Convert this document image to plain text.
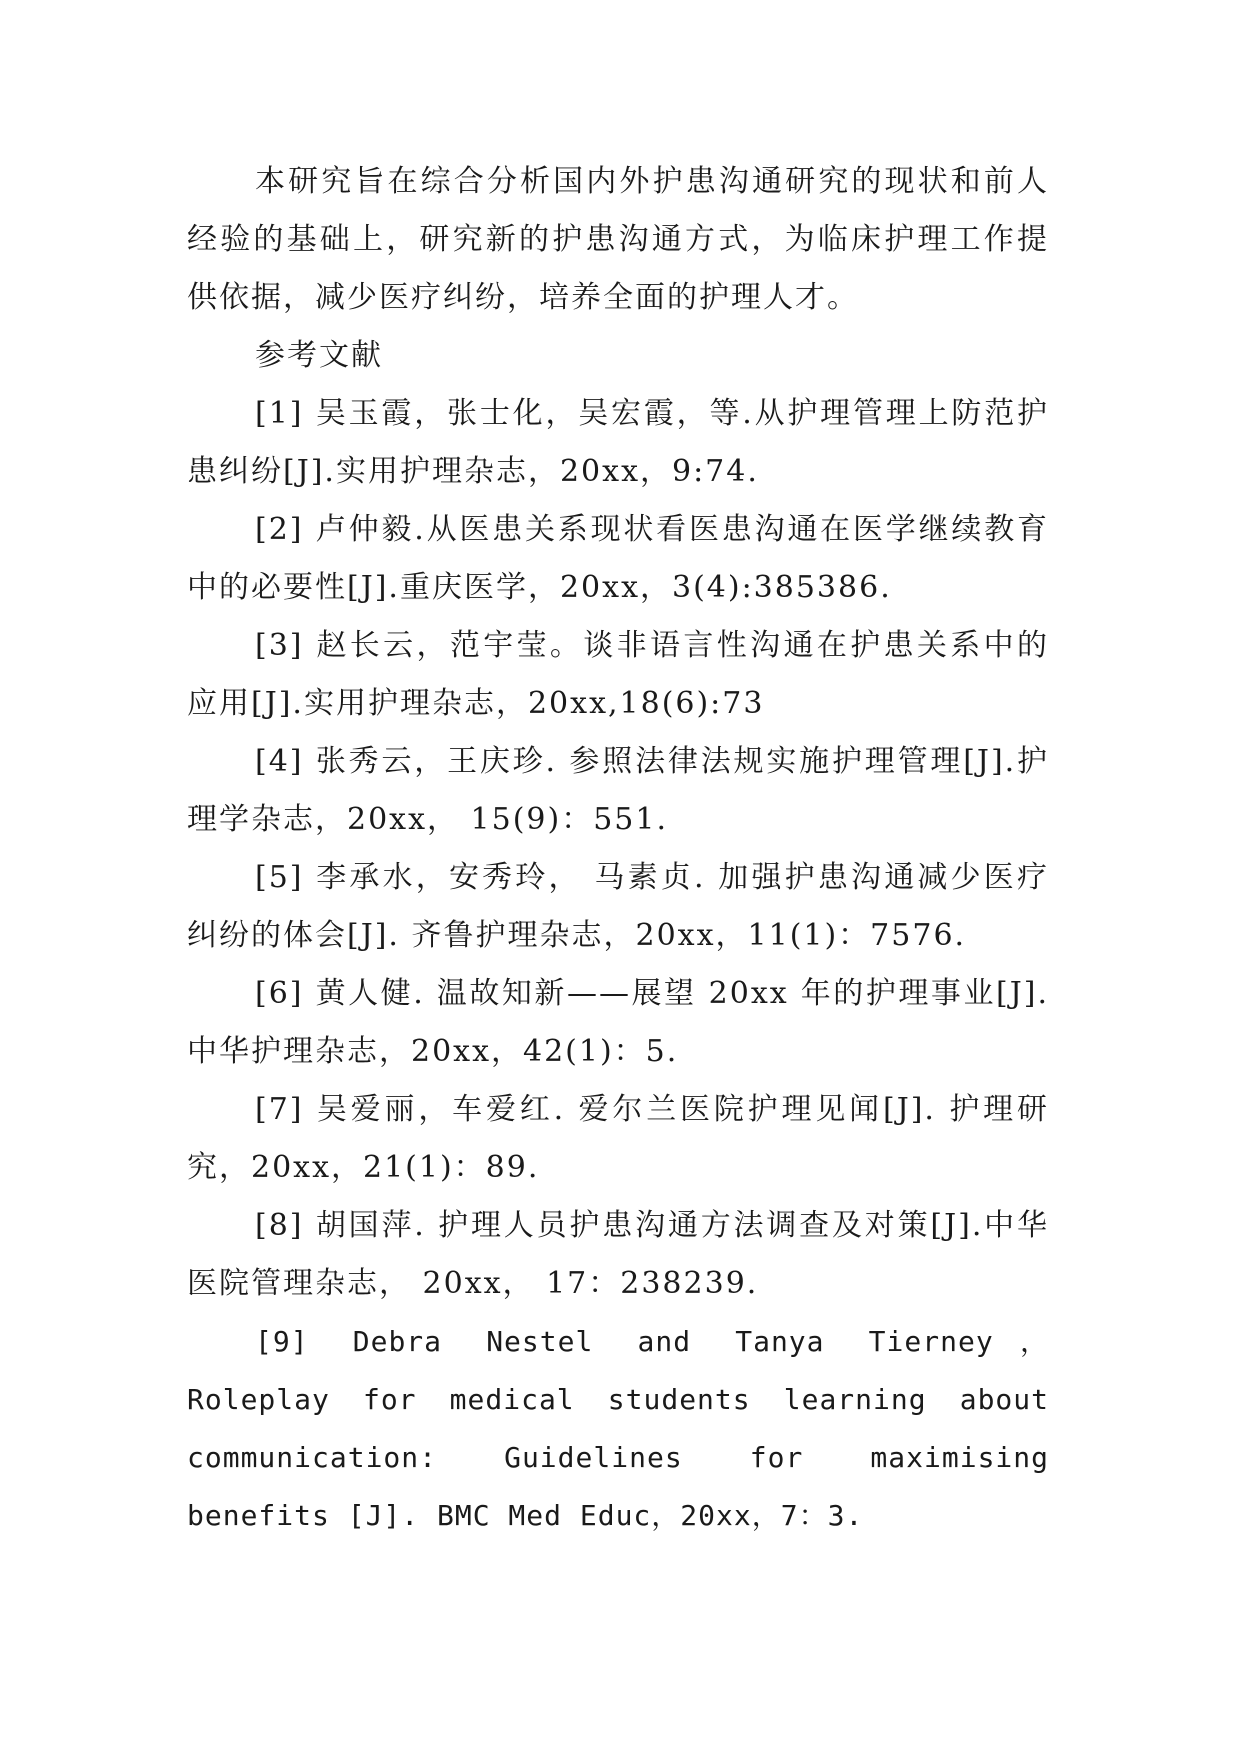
本研究旨在综合分析国内外护患沟通研究的现状和前人经验的基础上，研究新的护患沟通方式，为临床护理工作提供依据，减少医疗纠纷，培养全面的护理人才。

参考文献

[1] 吴玉霞，张士化，吴宏霞，等.从护理管理上防范护患纠纷[J].实用护理杂志，20xx，9:74.

[2] 卢仲毅.从医患关系现状看医患沟通在医学继续教育中的必要性[J].重庆医学，20xx，3(4):385386.

[3] 赵长云，范宇莹。谈非语言性沟通在护患关系中的应用[J].实用护理杂志，20xx,18(6):73

[4] 张秀云，王庆珍. 参照法律法规实施护理管理[J].护理学杂志，20xx， 15(9)：551.

[5] 李承水，安秀玲， 马素贞. 加强护患沟通减少医疗纠纷的体会[J]. 齐鲁护理杂志，20xx，11(1)：7576.

[6] 黄人健. 温故知新——展望 20xx 年的护理事业[J].中华护理杂志，20xx，42(1)：5.

[7] 吴爱丽，车爱红. 爱尔兰医院护理见闻[J]. 护理研究，20xx，21(1)：89.

[8] 胡国萍. 护理人员护患沟通方法调查及对策[J].中华医院管理杂志， 20xx， 17：238239.

[9] Debra Nestel and Tanya Tierney， Roleplay for medical students learning about communication: Guidelines for maximising benefits [J]. BMC Med Educ，20xx，7：3.
